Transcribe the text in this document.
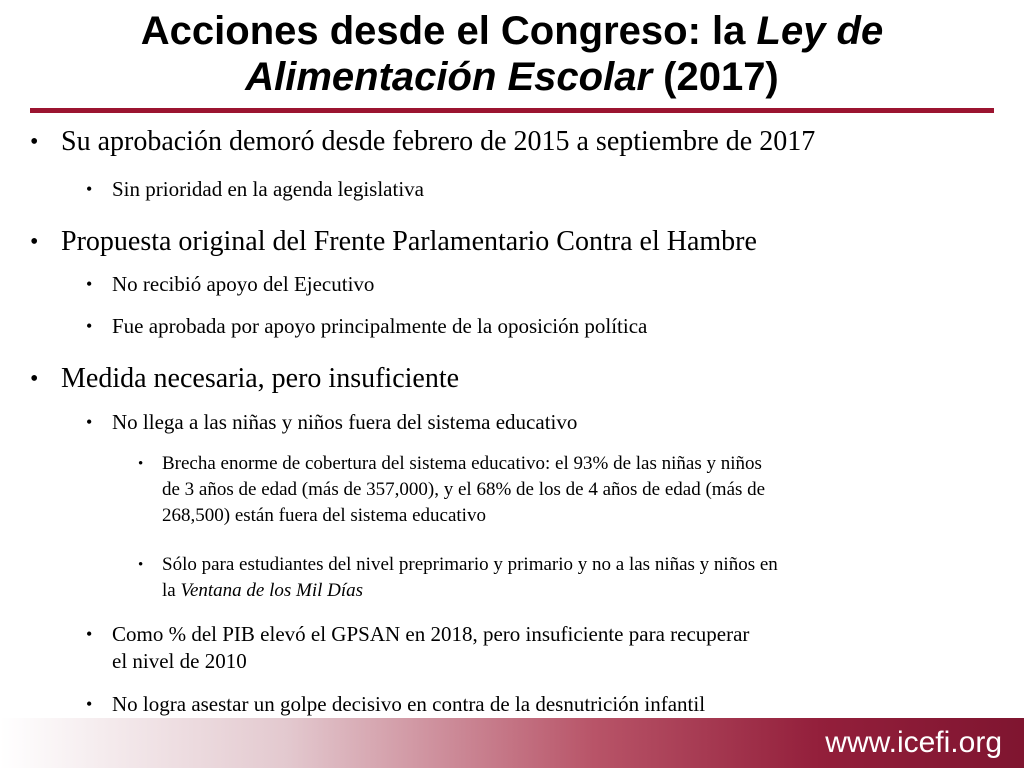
Acciones desde el Congreso: la Ley de
Alimentación Escolar (2017)
• Su aprobación demoró desde febrero de 2015 a septiembre de 2017
• Sin prioridad en la agenda legislativa
• Propuesta original del Frente Parlamentario Contra el Hambre
• No recibió apoyo del Ejecutivo
• Fue aprobada por apoyo principalmente de la oposición política
• Medida necesaria, pero insuficiente
• No llega a las niñas y niños fuera del sistema educativo
• Brecha enorme de cobertura del sistema educativo: el 93% de las niñas y niños
de 3 años de edad (más de 357,000), y el 68% de los de 4 años de edad (más de
268,500) están fuera del sistema educativo
• Sólo para estudiantes del nivel preprimario y primario y no a las niñas y niños en
la Ventana de los Mil Días
• Como % del PIB elevó el GPSAN en 2018, pero insuficiente para recuperar
el nivel de 2010
• No logra asestar un golpe decisivo en contra de la desnutrición infantil
www.icefi.org
